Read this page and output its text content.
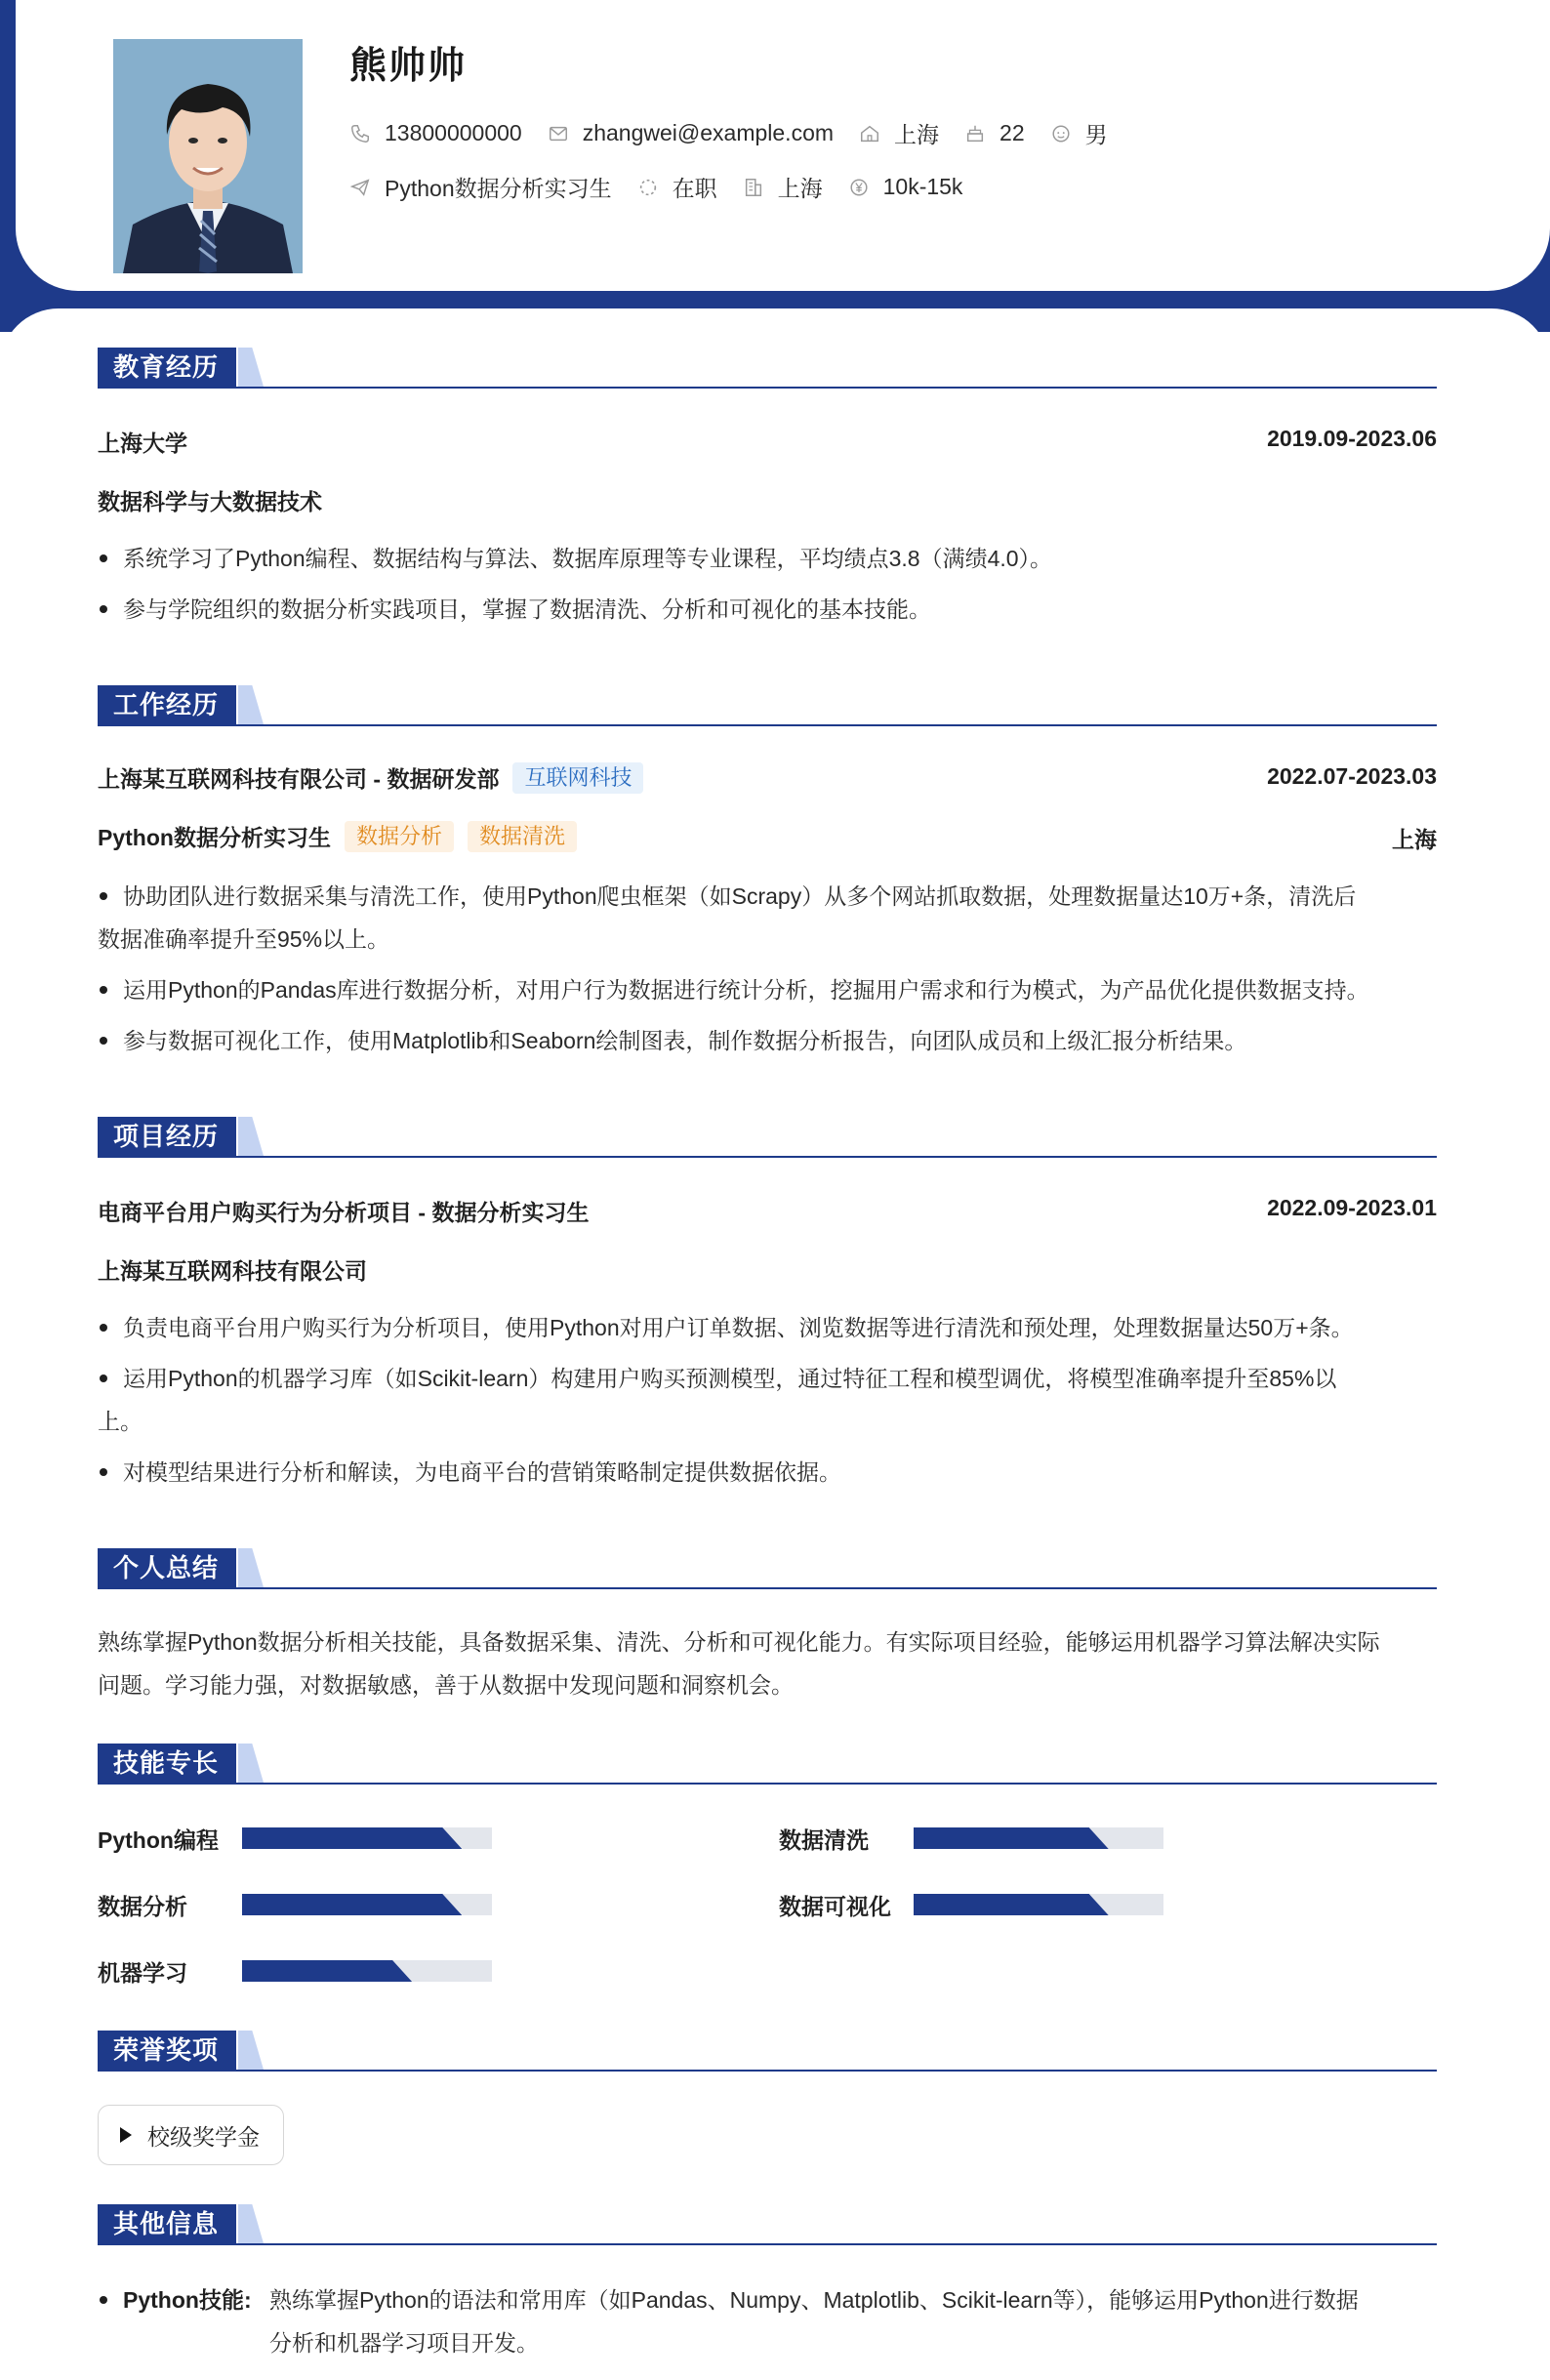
熊帅帅
13800000000	zhangwei@example.com	上海	22	男
Python数据分析实习生	在职	上海	10k-15k
教育经历
上海大学	2019.09-2023.06
数据科学与大数据技术
系统学习了Python编程、数据结构与算法、数据库原理等专业课程，平均绩点3.8（满绩4.0）。
参与学院组织的数据分析实践项目，掌握了数据清洗、分析和可视化的基本技能。
工作经历
上海某互联网科技有限公司 - 数据研发部	互联网科技	2022.07-2023.03
Python数据分析实习生	数据分析	数据清洗	上海
协助团队进行数据采集与清洗工作，使用Python爬虫框架（如Scrapy）从多个网站抓取数据，处理数据量达10万+条，清洗后
数据准确率提升至95%以上。
运用Python的Pandas库进行数据分析，对用户行为数据进行统计分析，挖掘用户需求和行为模式，为产品优化提供数据支持。
参与数据可视化工作，使用Matplotlib和Seaborn绘制图表，制作数据分析报告，向团队成员和上级汇报分析结果。
项目经历
电商平台用户购买行为分析项目 - 数据分析实习生	2022.09-2023.01
上海某互联网科技有限公司
负责电商平台用户购买行为分析项目，使用Python对用户订单数据、浏览数据等进行清洗和预处理，处理数据量达50万+条。
运用Python的机器学习库（如Scikit-learn）构建用户购买预测模型，通过特征工程和模型调优，将模型准确率提升至85%以
上。
对模型结果进行分析和解读，为电商平台的营销策略制定提供数据依据。
个人总结
熟练掌握Python数据分析相关技能，具备数据采集、清洗、分析和可视化能力。有实际项目经验，能够运用机器学习算法解决实际
问题。学习能力强，对数据敏感，善于从数据中发现问题和洞察机会。
技能专长
Python编程	数据清洗
数据分析	数据可视化
机器学习
荣誉奖项
校级奖学金
其他信息
Python技能: 熟练掌握Python的语法和常用库（如Pandas、Numpy、Matplotlib、Scikit-learn等），能够运用Python进行数据
分析和机器学习项目开发。
